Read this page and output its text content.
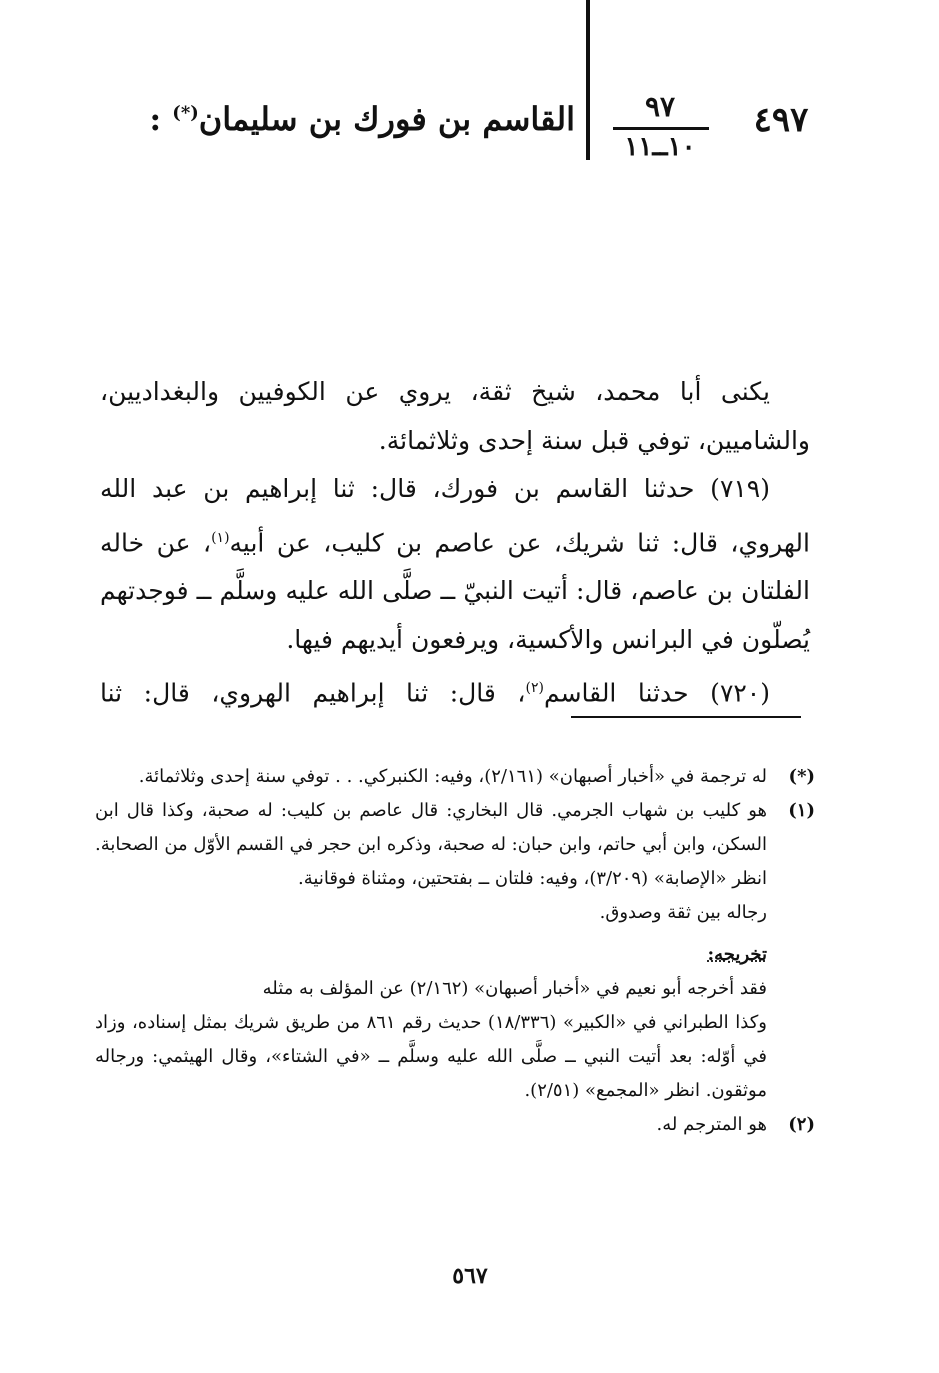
٤٩٧
٩٧
١٠ــ١١
القاسم بن فورك بن سليمان(*) :

يكنى أبا محمد، شيخ ثقة، يروي عن الكوفيين والبغداديين، والشاميين، توفي قبل سنة إحدى وثلاثمائة.

(٧١٩) حدثنا القاسم بن فورك، قال: ثنا إبراهيم بن عبد الله الهروي، قال: ثنا شريك، عن عاصم بن كليب، عن أبيه$^{(١)}$، عن خاله الفلتان بن عاصم، قال: أتيت النبيّ ــ صلَّى الله عليه وسلَّم ــ فوجدتهم يُصلّون في البرانس والأكسية، ويرفعون أيديهم فيها.

(٧٢٠) حدثنا القاسم$^{(٢)}$، قال: ثنا إبراهيم الهروي، قال: ثنا

(*)
له ترجمة في «أخبار أصبهان» (٢/١٦١)، وفيه: الكنبركي. . . توفي سنة إحدى وثلاثمائة.
(١)
هو كليب بن شهاب الجرمي. قال البخاري: قال عاصم بن كليب: له صحبة، وكذا قال ابن السكن، وابن أبي حاتم، وابن حبان: له صحبة، وذكره ابن حجر في القسم الأوّل من الصحابة. انظر «الإصابة» (٣/٢٠٩)، وفيه: فلتان ــ بفتحتين، ومثناة فوقانية.
رجاله بين ثقة وصدوق.
تخريجه:
فقد أخرجه أبو نعيم في «أخبار أصبهان» (٢/١٦٢) عن المؤلف به مثله
وكذا الطبراني في «الكبير» (١٨/٣٣٦) حديث رقم ٨٦١ من طريق شريك بمثل إسناده، وزاد في أوّله: بعد أتيت النبي ــ صلَّى الله عليه وسلَّم ــ «في الشتاء»، وقال الهيثمي: ورجاله موثقون. انظر «المجمع» (٢/٥١).
(٢)
هو المترجم له.
٥٦٧
